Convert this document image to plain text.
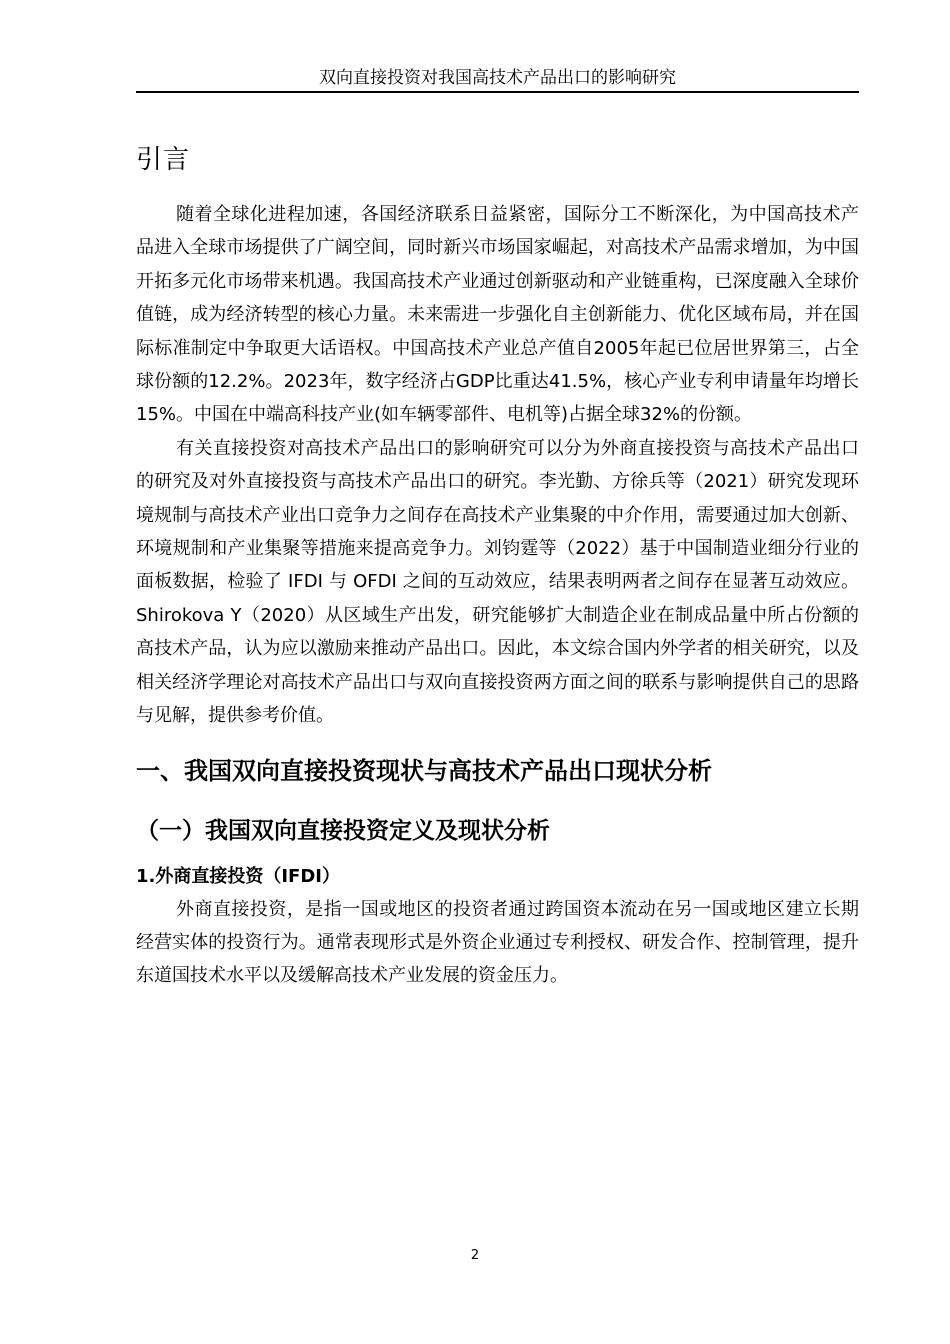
双向直接投资对我国高技术产品出口的影响研究
引言

随着全球化进程加速，各国经济联系日益紧密，国际分工不断深化，为中国高技术产品进入全球市场提供了广阔空间，同时新兴市场国家崛起，对高技术产品需求增加，为中国开拓多元化市场带来机遇。我国高技术产业通过创新驱动和产业链重构，已深度融入全球价值链，成为经济转型的核心力量。未来需进一步强化自主创新能力、优化区域布局，并在国际标准制定中争取更大话语权。中国高技术产业总产值自2005年起已位居世界第三，占全球份额的12.2%。2023年，数字经济占GDP比重达41.5%，核心产业专利申请量年均增长15%。中国在中端高科技产业(如车辆零部件、电机等)占据全球32%的份额。

有关直接投资对高技术产品出口的影响研究可以分为外商直接投资与高技术产品出口的研究及对外直接投资与高技术产品出口的研究。李光勤、方徐兵等（2021）研究发现环境规制与高技术产业出口竞争力之间存在高技术产业集聚的中介作用，需要通过加大创新、环境规制和产业集聚等措施来提高竞争力。刘钧霆等（2022）基于中国制造业细分行业的面板数据，检验了 IFDI 与 OFDI 之间的互动效应，结果表明两者之间存在显著互动效应。Shirokova Y（2020）从区域生产出发，研究能够扩大制造企业在制成品量中所占份额的高技术产品，认为应以激励来推动产品出口。因此，本文综合国内外学者的相关研究，以及相关经济学理论对高技术产品出口与双向直接投资两方面之间的联系与影响提供自己的思路与见解，提供参考价值。

一、我国双向直接投资现状与高技术产品出口现状分析
（一）我国双向直接投资定义及现状分析
1.外商直接投资（IFDI）

外商直接投资，是指一国或地区的投资者通过跨国资本流动在另一国或地区建立长期经营实体的投资行为。通常表现形式是外资企业通过专利授权、研发合作、控制管理，提升东道国技术水平以及缓解高技术产业发展的资金压力。

2
